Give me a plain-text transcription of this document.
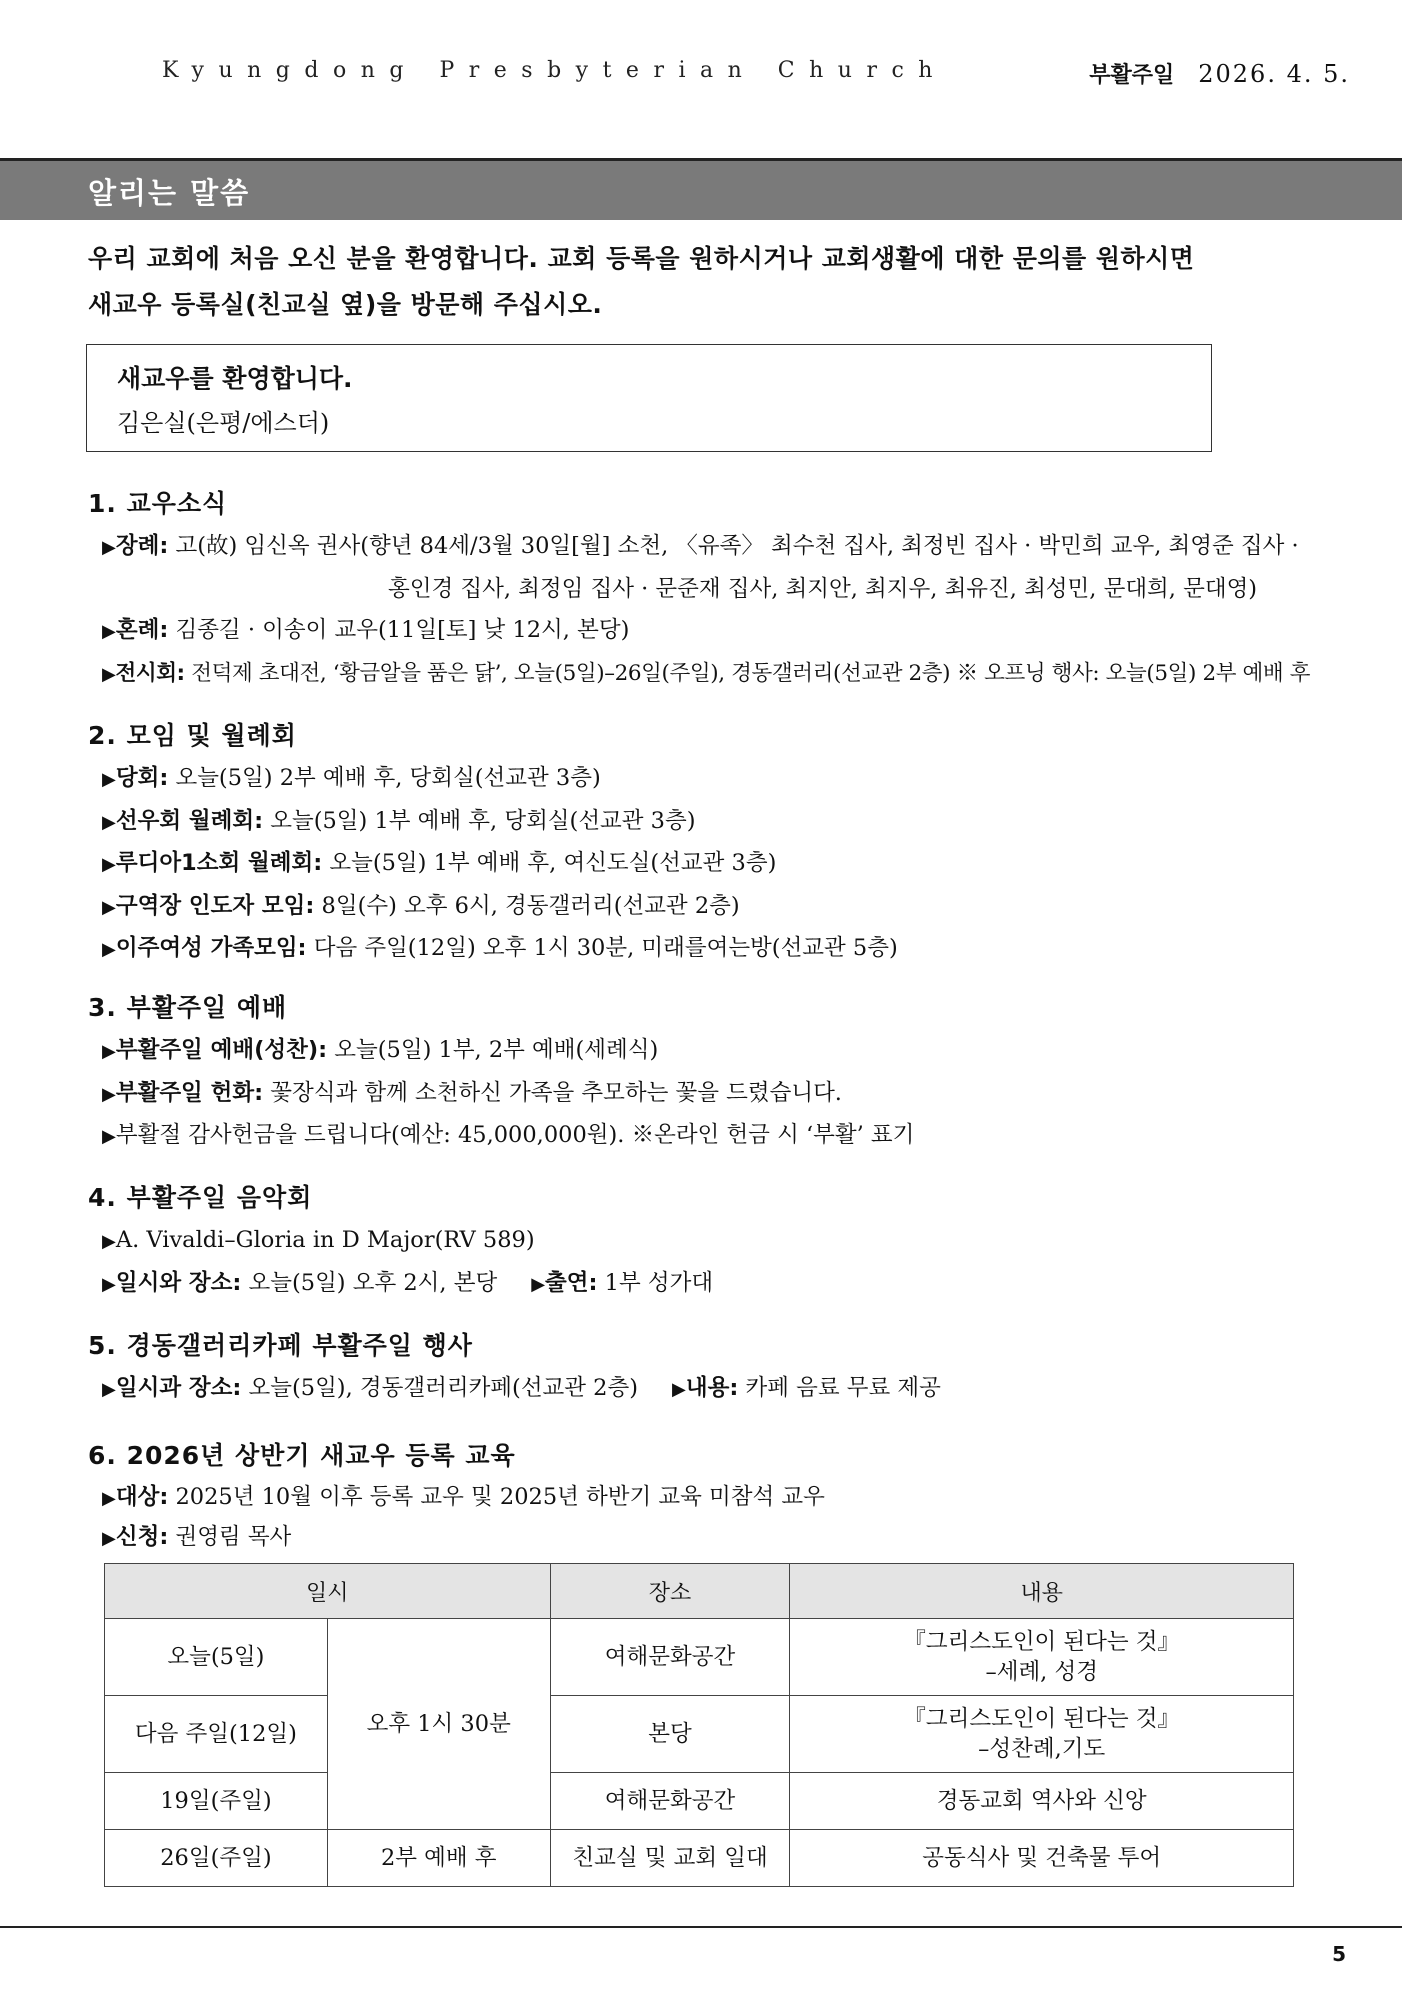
Kyungdong Presbyterian Church	부활주일 2026. 4. 5.
알리는 말씀
우리 교회에 처음 오신 분을 환영합니다. 교회 등록을 원하시거나 교회생활에 대한 문의를 원하시면
새교우 등록실(친교실 옆)을 방문해 주십시오.
새교우를 환영합니다.
김은실(은평/에스더)
1. 교우소식
▶장례: 고(故) 임신옥 권사(향년 84세/3월 30일[월] 소천, 〈유족〉 최수천 집사, 최정빈 집사 · 박민희 교우, 최영준 집사 ·
홍인경 집사, 최정임 집사 · 문준재 집사, 최지안, 최지우, 최유진, 최성민, 문대희, 문대영)
▶혼례: 김종길 · 이송이 교우(11일[토] 낮 12시, 본당)
▶전시회: 전덕제 초대전, ‘황금알을 품은 닭’, 오늘(5일)–26일(주일), 경동갤러리(선교관 2층) ※ 오프닝 행사: 오늘(5일) 2부 예배 후
2. 모임 및 월례회
▶당회: 오늘(5일) 2부 예배 후, 당회실(선교관 3층)
▶선우회 월례회: 오늘(5일) 1부 예배 후, 당회실(선교관 3층)
▶루디아1소회 월례회: 오늘(5일) 1부 예배 후, 여신도실(선교관 3층)
▶구역장 인도자 모임: 8일(수) 오후 6시, 경동갤러리(선교관 2층)
▶이주여성 가족모임: 다음 주일(12일) 오후 1시 30분, 미래를여는방(선교관 5층)
3. 부활주일 예배
▶부활주일 예배(성찬): 오늘(5일) 1부, 2부 예배(세례식)
▶부활주일 헌화: 꽃장식과 함께 소천하신 가족을 추모하는 꽃을 드렸습니다.
▶부활절 감사헌금을 드립니다(예산: 45,000,000원). ※온라인 헌금 시 ‘부활’ 표기
4. 부활주일 음악회
▶A. Vivaldi–Gloria in D Major(RV 589)
▶일시와 장소: 오늘(5일) 오후 2시, 본당 ▶출연: 1부 성가대
5. 경동갤러리카페 부활주일 행사
▶일시과 장소: 오늘(5일), 경동갤러리카페(선교관 2층) ▶내용: 카페 음료 무료 제공
6. 2026년 상반기 새교우 등록 교육
▶대상: 2025년 10월 이후 등록 교우 및 2025년 하반기 교육 미참석 교우
▶신청: 권영림 목사
일시		장소	내용
오늘(5일)	오후 1시 30분	여해문화공간	『그리스도인이 된다는 것』
–세례, 성경

다음 주일(12일)		본당	『그리스도인이 된다는 것』
–성찬례,기도

19일(주일)		여해문화공간	경동교회 역사와 신앙
26일(주일)	2부 예배 후	친교실 및 교회 일대	공동식사 및 건축물 투어
5
